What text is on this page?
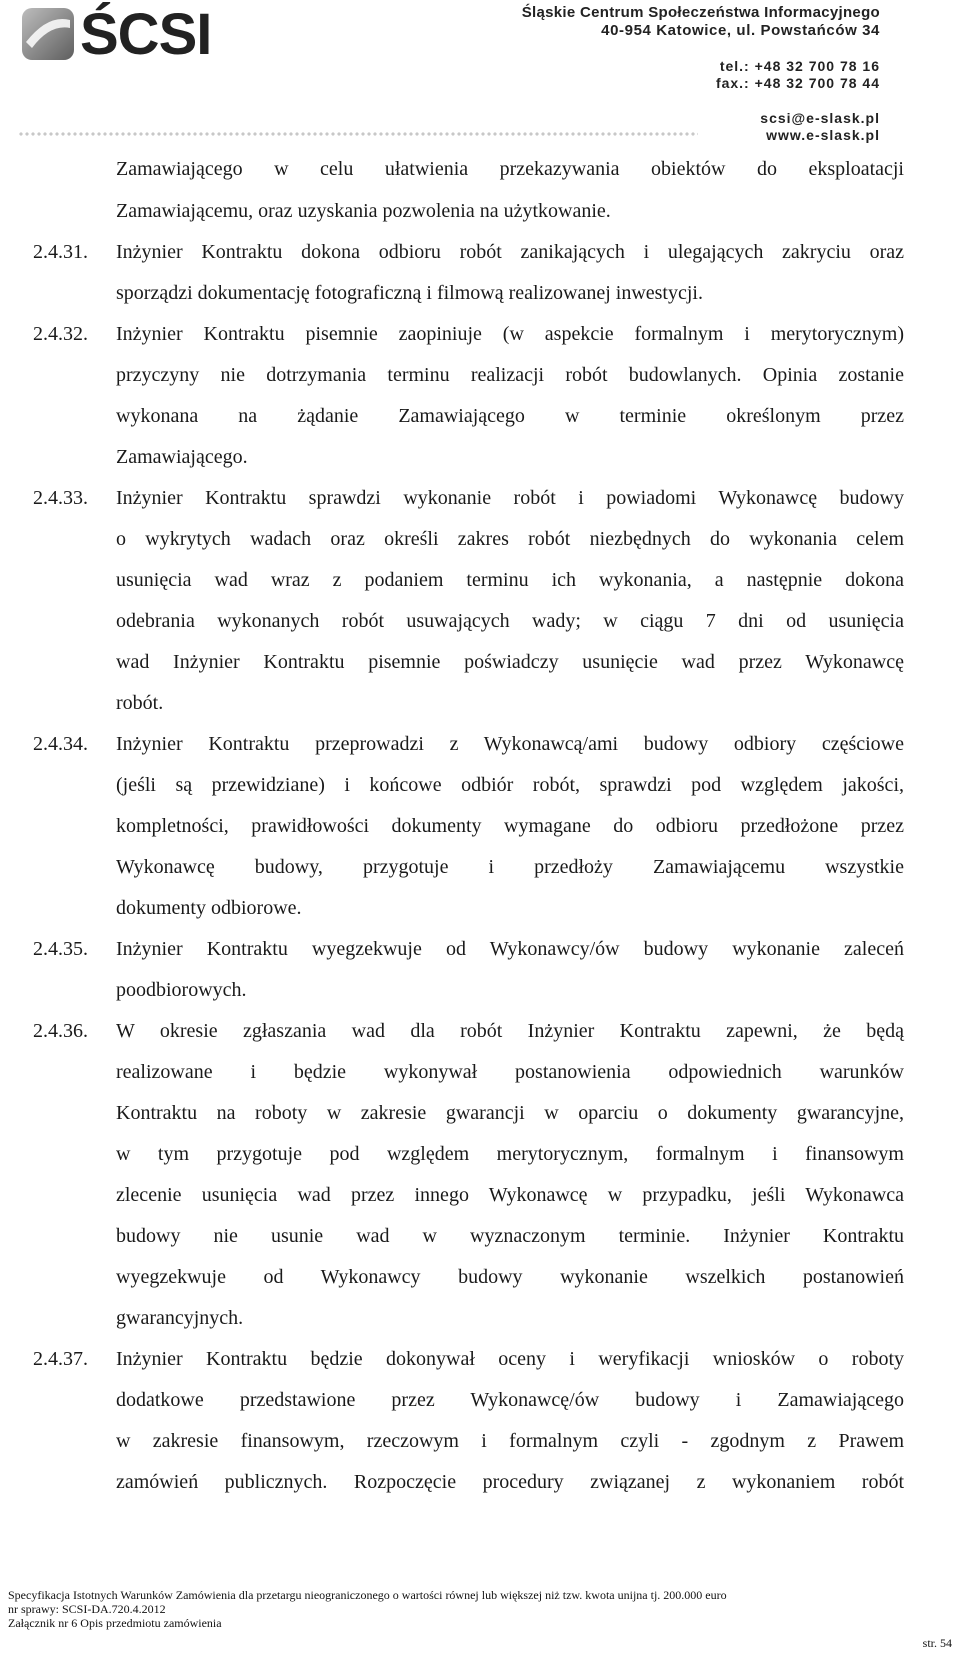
ŚCSI	Śląskie Centrum Społeczeństwa Informacyjnego
40-954 Katowice, ul. Powstańców 34
tel.: +48 32 700 78 16
fax.: +48 32 700 78 44
scsi@e-slask.pl
www.e-slask.pl
Zamawiającego w celu ułatwienia przekazywania obiektów do eksploatacji
Zamawiającemu, oraz uzyskania pozwolenia na użytkowanie.
2.4.31. Inżynier Kontraktu dokona odbioru robót zanikających i ulegających zakryciu oraz
sporządzi dokumentację fotograficzną i filmową realizowanej inwestycji.
2.4.32. Inżynier Kontraktu pisemnie zaopiniuje (w aspekcie formalnym i merytorycznym)
przyczyny nie dotrzymania terminu realizacji robót budowlanych. Opinia zostanie
wykonana na żądanie Zamawiającego w terminie określonym przez
Zamawiającego.
2.4.33. Inżynier Kontraktu sprawdzi wykonanie robót i powiadomi Wykonawcę budowy
o wykrytych wadach oraz określi zakres robót niezbędnych do wykonania celem
usunięcia wad wraz z podaniem terminu ich wykonania, a następnie dokona
odebrania wykonanych robót usuwających wady; w ciągu 7 dni od usunięcia
wad Inżynier Kontraktu pisemnie poświadczy usunięcie wad przez Wykonawcę
robót.
2.4.34. Inżynier Kontraktu przeprowadzi z Wykonawcą/ami budowy odbiory częściowe
(jeśli są przewidziane) i końcowe odbiór robót, sprawdzi pod względem jakości,
kompletności, prawidłowości dokumenty wymagane do odbioru przedłożone przez
Wykonawcę budowy, przygotuje i przedłoży Zamawiającemu wszystkie
dokumenty odbiorowe.
2.4.35. Inżynier Kontraktu wyegzekwuje od Wykonawcy/ów budowy wykonanie zaleceń
poodbiorowych.
2.4.36. W okresie zgłaszania wad dla robót Inżynier Kontraktu zapewni, że będą
realizowane i będzie wykonywał postanowienia odpowiednich warunków
Kontraktu na roboty w zakresie gwarancji w oparciu o dokumenty gwarancyjne,
w tym przygotuje pod względem merytorycznym, formalnym i finansowym
zlecenie usunięcia wad przez innego Wykonawcę w przypadku, jeśli Wykonawca
budowy nie usunie wad w wyznaczonym terminie. Inżynier Kontraktu
wyegzekwuje od Wykonawcy budowy wykonanie wszelkich postanowień
gwarancyjnych.
2.4.37. Inżynier Kontraktu będzie dokonywał oceny i weryfikacji wniosków o roboty
dodatkowe przedstawione przez Wykonawcę/ów budowy i Zamawiającego
w zakresie finansowym, rzeczowym i formalnym czyli - zgodnym z Prawem
zamówień publicznych. Rozpoczęcie procedury związanej z wykonaniem robót
Specyfikacja Istotnych Warunków Zamówienia dla przetargu nieograniczonego o wartości równej lub większej niż tzw. kwota unijna tj. 200.000 euro
nr sprawy: SCSI-DA.720.4.2012
Załącznik nr 6 Opis przedmiotu zamówienia
str. 54
